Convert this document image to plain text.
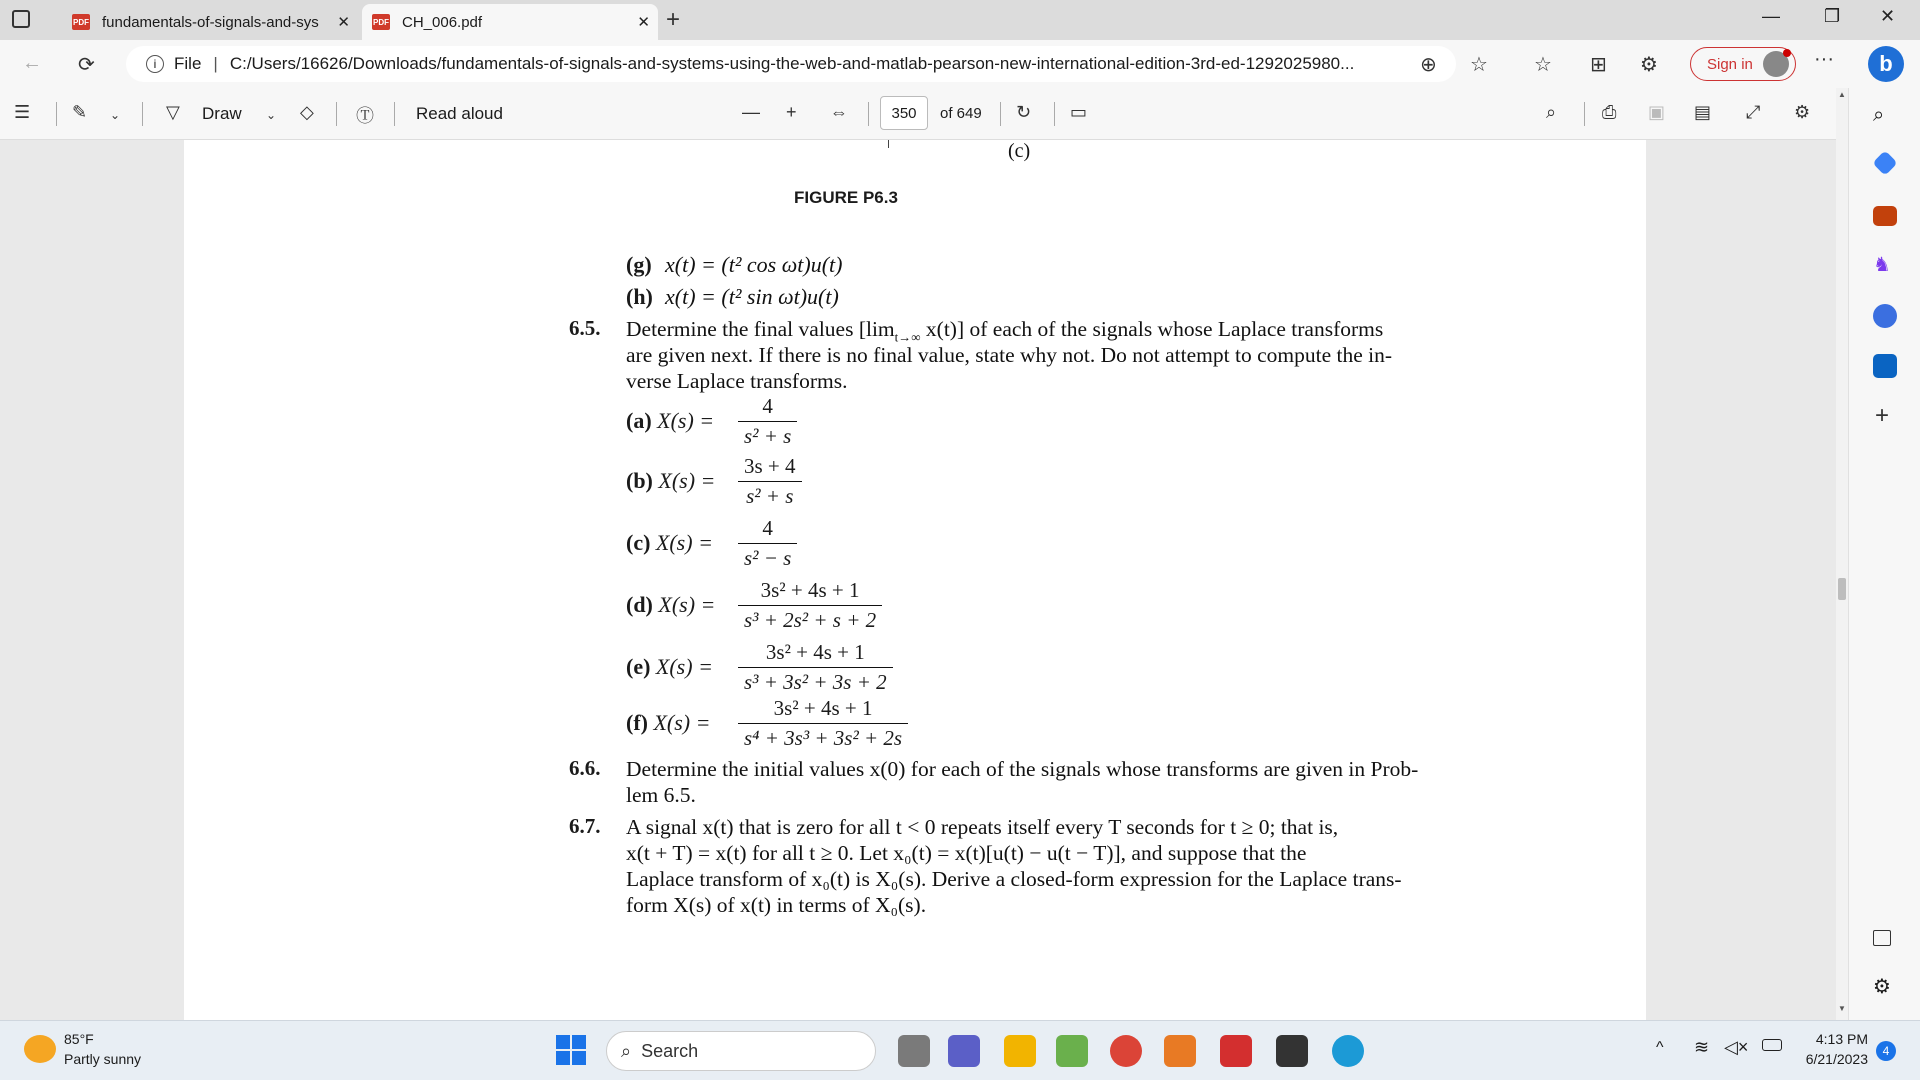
PDF fundamentals-of-signals-and-sys ✕	PDF CH_006.pdf	✕ +	— ❐ ✕
← ⟳	i	File | C:/Users/16626/Downloads/fundamentals-of-signals-and-systems-using-the-web-and-matlab-pearson-new-international-edition-3rd-ed-1292025980...	⊕ ☆ ☆ ⊞ ⚙	Sign in	···	b
☰ ✎ ⌄	▽ Draw ⌄ ◇ Ⓣ Read aloud	— + ⇔	350 of 649 ↻ ▭	⌕	⎙ ▣ ▤ ⤢ ⚙
(c)
FIGURE P6.3
(g) x(t) = (t² cos ωt)u(t)
(h) x(t) = (t² sin ωt)u(t)
6.5. Determine the final values [$\lim_{t\to\infty}$ x(t)] of each of the signals whose Laplace transforms
are given next. If there is no final value, state why not. Do not attempt to compute the in-
verse Laplace transforms.
(a) $X(s) = \frac{4}{\text{s² + s}}$
(b) $X(s) = \frac{3s + 4}{\text{s² + s}}$
(c) $X(s) = \frac{4}{\text{s² − s}}$
(d) $X(s) = \frac{\text{3s² + 4s + 1}}{\text{s³ + 2s² + s + 2}}$
(e) $X(s) = \frac{\text{3s² + 4s + 1}}{\text{s³ + 3s² + 3s + 2}}$
(f) $X(s) = \frac{\text{3s² + 4s + 1}}{\text{s⁴ + 3s³ + 3s² + 2s}}$
6.6. Determine the initial values x(0) for each of the signals whose transforms are given in Prob-
lem 6.5.
6.7. A signal x(t) that is zero for all t < 0 repeats itself every T seconds for t ≥ 0; that is,
x(t + T) = x(t) for all t ≥ 0. Let x₀(t) = x(t)[u(t) − u(t − T)], and suppose that the
Laplace transform of x₀(t) is X₀(s). Derive a closed-form expression for the Laplace trans-
form X(s) of x(t) in terms of X₀(s).
▲
▼
⌕
♞
+
⚙
85°F
Partly sunny	⌕ Search	^ ≋ ◁×	4:13 PM
6/21/2023	4
